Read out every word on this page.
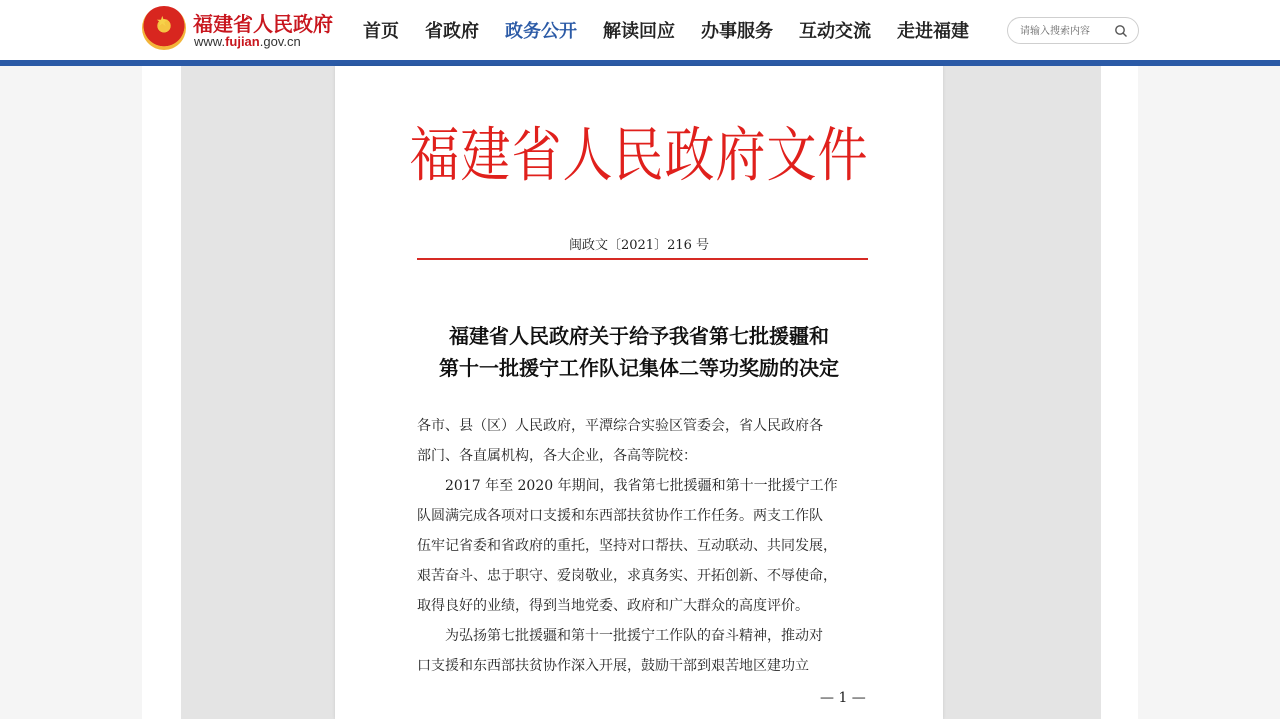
★ 福建省人民政府
www.fujian.gov.cn	首页 省政府 政务公开 解读回应 办事服务 互动交流 走进福建
请输入搜索内容
福建省人民政府文件
闽政文〔2021〕216 号
福建省人民政府关于给予我省第七批援疆和
第十一批援宁工作队记集体二等功奖励的决定
各市、县（区）人民政府，平潭综合实验区管委会，省人民政府各
部门、各直属机构，各大企业，各高等院校：
2017 年至 2020 年期间，我省第七批援疆和第十一批援宁工作
队圆满完成各项对口支援和东西部扶贫协作工作任务。两支工作队
伍牢记省委和省政府的重托，坚持对口帮扶、互动联动、共同发展，
艰苦奋斗、忠于职守、爱岗敬业，求真务实、开拓创新、不辱使命，
取得良好的业绩，得到当地党委、政府和广大群众的高度评价。
为弘扬第七批援疆和第十一批援宁工作队的奋斗精神，推动对
口支援和东西部扶贫协作深入开展，鼓励干部到艰苦地区建功立
— 1 —
